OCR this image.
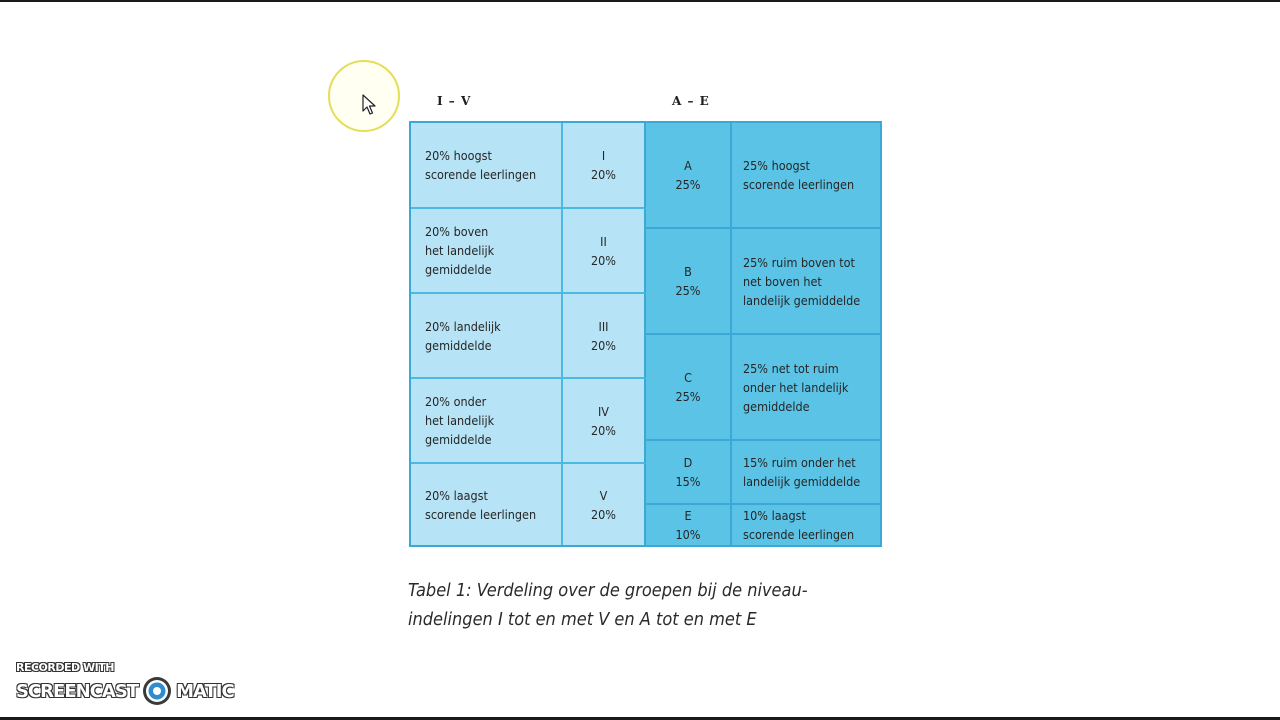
I – V	A – E
20% hoogst
scorende leerlingen
20% boven
het landelijk
gemiddelde
20% landelijk
gemiddelde
20% onder
het landelijk
gemiddelde
20% laagst
scorende leerlingen
I
20%
II
20%
III
20%
IV
20%
V
20%
A
25%
B
25%
C
25%
D
15%
E
10%
25% hoogst
scorende leerlingen
25% ruim boven tot
net boven het
landelijk gemiddelde
25% net tot ruim
onder het landelijk
gemiddelde
15% ruim onder het
landelijk gemiddelde
10% laagst
scorende leerlingen
Tabel 1: Verdeling over de groepen bij de niveau-
indelingen I tot en met V en A tot en met E
RECORDED WITH
SCREENCAST MATIC
